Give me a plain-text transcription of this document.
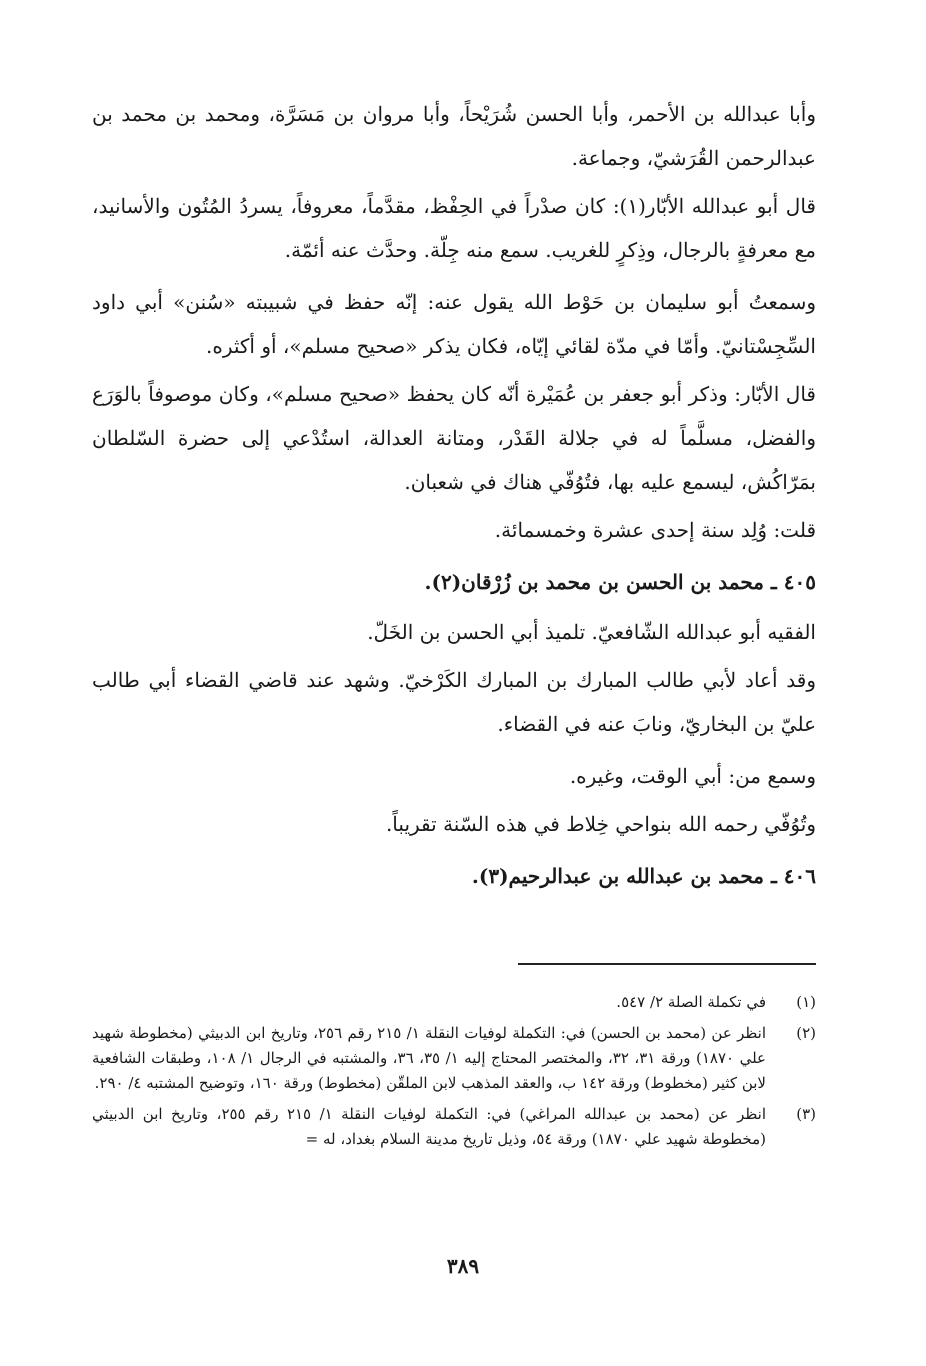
وأبا عبدالله بن الأحمر، وأبا الحسن شُرَيْحاً، وأبا مروان بن مَسَرَّة، ومحمد بن محمد بن عبدالرحمن القُرَشيّ، وجماعة.

قال أبو عبدالله الأبّار(١): كان صدْراً في الحِفْظ، مقدَّماً، معروفاً، يسردُ المُتُون والأسانيد، مع معرفةٍ بالرجال، وذِكرٍ للغريب. سمع منه جِلّة. وحدَّث عنه أئمّة.

وسمعتُ أبو سليمان بن حَوْط الله يقول عنه: إنّه حفظ في شبيبته «سُنن» أبي داود السِّجِسْتانيّ. وأمّا في مدّة لقائي إيّاه، فكان يذكر «صحيح مسلم»، أو أكثره.

قال الأبّار: وذكر أبو جعفر بن عُمَيْرة أنّه كان يحفظ «صحيح مسلم»، وكان موصوفاً بالوَرَع والفضل، مسلَّماً له في جلالة القَدْر، ومتانة العدالة، استُدْعي إلى حضرة السّلطان بمَرّاكُش، ليسمع عليه بها، فتُوُفّي هناك في شعبان.

قلت: وُلِد سنة إحدى عشرة وخمسمائة.

٤٠٥ ـ محمد بن الحسن بن محمد بن زُرْقان(٢).

الفقيه أبو عبدالله الشّافعيّ. تلميذ أبي الحسن بن الخَلّ.

وقد أعاد لأبي طالب المبارك بن المبارك الكَرْخيّ. وشهد عند قاضي القضاء أبي طالب عليّ بن البخاريّ، ونابَ عنه في القضاء.

وسمع من: أبي الوقت، وغيره.

وتُوُفّي رحمه الله بنواحي خِلاط في هذه السّنة تقريباً.

٤٠٦ ـ محمد بن عبدالله بن عبدالرحيم(٣).
(١)
في تكملة الصلة ٢/ ٥٤٧.
(٢)
انظر عن (محمد بن الحسن) في: التكملة لوفيات النقلة ١/ ٢١٥ رقم ٢٥٦، وتاريخ ابن الدبيثي (مخطوطة شهيد علي ١٨٧٠) ورقة ٣١، ٣٢، والمختصر المحتاج إليه ١/ ٣٥، ٣٦، والمشتبه في الرجال ١/ ١٠٨، وطبقات الشافعية لابن كثير (مخطوط) ورقة ١٤٢ ب، والعقد المذهب لابن الملقّن (مخطوط) ورقة ١٦٠، وتوضيح المشتبه ٤/ ٢٩٠.
(٣)
انظر عن (محمد بن عبدالله المراغي) في: التكملة لوفيات النقلة ١/ ٢١٥ رقم ٢٥٥، وتاريخ ابن الدبيثي (مخطوطة شهيد علي ١٨٧٠) ورقة ٥٤، وذيل تاريخ مدينة السلام بغداد، له =
٣٨٩
